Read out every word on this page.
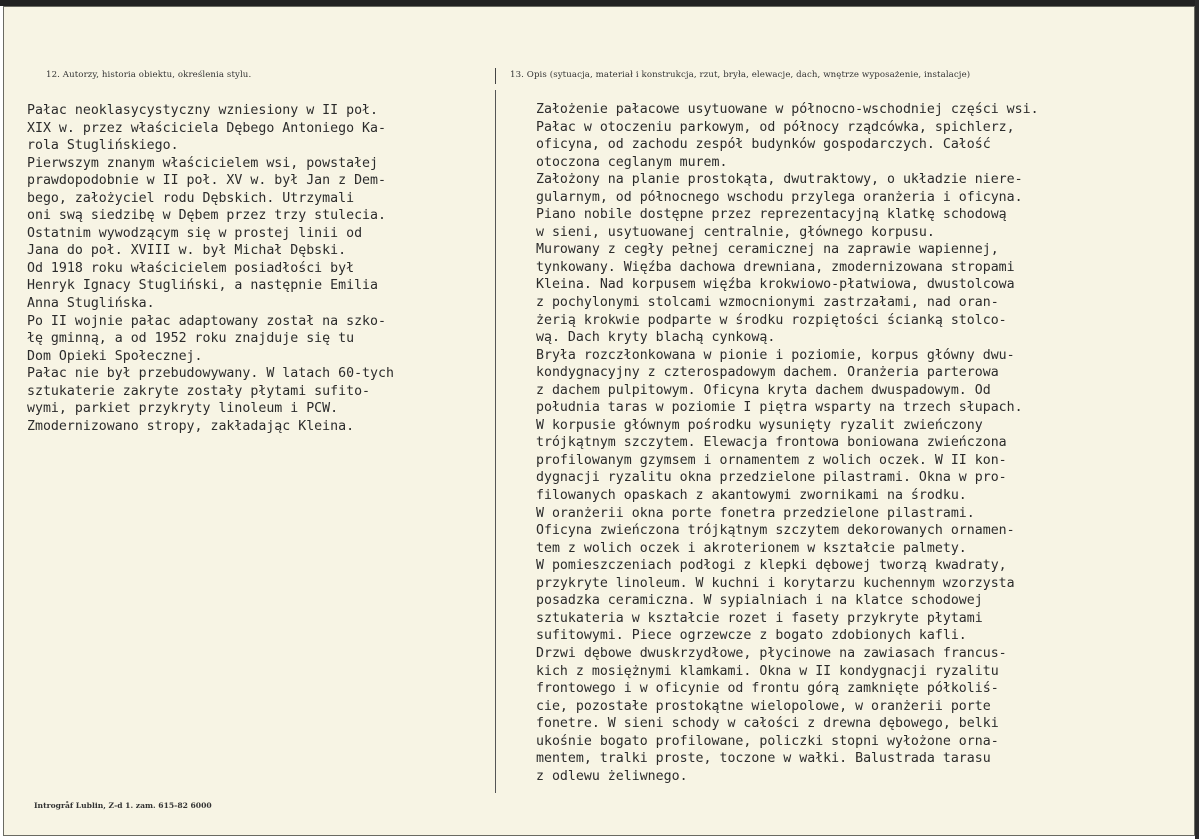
12. Autorzy, historia obiektu, określenia stylu.	13. Opis (sytuacja, materiał i konstrukcja, rzut, bryła, elewacje, dach, wnętrze wyposażenie, instalacje)
Pałac neoklasycystyczny wzniesiony w II poł.
XIX w. przez właściciela Dębego Antoniego Ka-
rola Stuglińskiego.
Pierwszym znanym właścicielem wsi, powstałej
prawdopodobnie w II poł. XV w. był Jan z Dem-
bego, założyciel rodu Dębskich. Utrzymali
oni swą siedzibę w Dębem przez trzy stulecia.
Ostatnim wywodzącym się w prostej linii od
Jana do poł. XVIII w. był Michał Dębski.
Od 1918 roku właścicielem posiadłości był
Henryk Ignacy Stugliński, a następnie Emilia
Anna Stuglińska.
Po II wojnie pałac adaptowany został na szko-
łę gminną, a od 1952 roku znajduje się tu
Dom Opieki Społecznej.
Pałac nie był przebudowywany. W latach 60-tych
sztukaterie zakryte zostały płytami sufito-
wymi, parkiet przykryty linoleum i PCW.
Zmodernizowano stropy, zakładając Kleina.
Założenie pałacowe usytuowane w północno-wschodniej części wsi.
Pałac w otoczeniu parkowym, od północy rządcówka, spichlerz,
oficyna, od zachodu zespół budynków gospodarczych. Całość
otoczona ceglanym murem.
Założony na planie prostokąta, dwutraktowy, o układzie niere-
gularnym, od północnego wschodu przylega oranżeria i oficyna.
Piano nobile dostępne przez reprezentacyjną klatkę schodową
w sieni, usytuowanej centralnie, głównego korpusu.
Murowany z cegły pełnej ceramicznej na zaprawie wapiennej,
tynkowany. Więźba dachowa drewniana, zmodernizowana stropami
Kleina. Nad korpusem więźba krokwiowo-płatwiowa, dwustolcowa
z pochylonymi stolcami wzmocnionymi zastrzałami, nad oran-
żerią krokwie podparte w środku rozpiętości ścianką stolco-
wą. Dach kryty blachą cynkową.
Bryła rozczłonkowana w pionie i poziomie, korpus główny dwu-
kondygnacyjny z czterospadowym dachem. Oranżeria parterowa
z dachem pulpitowym. Oficyna kryta dachem dwuspadowym. Od
południa taras w poziomie I piętra wsparty na trzech słupach.
W korpusie głównym pośrodku wysunięty ryzalit zwieńczony
trójkątnym szczytem. Elewacja frontowa boniowana zwieńczona
profilowanym gzymsem i ornamentem z wolich oczek. W II kon-
dygnacji ryzalitu okna przedzielone pilastrami. Okna w pro-
filowanych opaskach z akantowymi zwornikami na środku.
W oranżerii okna porte fonetra przedzielone pilastrami.
Oficyna zwieńczona trójkątnym szczytem dekorowanych ornamen-
tem z wolich oczek i akroterionem w kształcie palmety.
W pomieszczeniach podłogi z klepki dębowej tworzą kwadraty,
przykryte linoleum. W kuchni i korytarzu kuchennym wzorzysta
posadzka ceramiczna. W sypialniach i na klatce schodowej
sztukateria w kształcie rozet i fasety przykryte płytami
sufitowymi. Piece ogrzewcze z bogato zdobionych kafli.
Drzwi dębowe dwuskrzydłowe, płycinowe na zawiasach francus-
kich z mosiężnymi klamkami. Okna w II kondygnacji ryzalitu
frontowego i w oficynie od frontu górą zamknięte półkoliś-
cie, pozostałe prostokątne wielopolowe, w oranżerii porte
fonetre. W sieni schody w całości z drewna dębowego, belki
ukośnie bogato profilowane, policzki stopni wyłożone orna-
mentem, tralki proste, toczone w wałki. Balustrada tarasu
z odlewu żeliwnego.
Introgråf Lublin, Z-d 1. zam. 615-82 6000
